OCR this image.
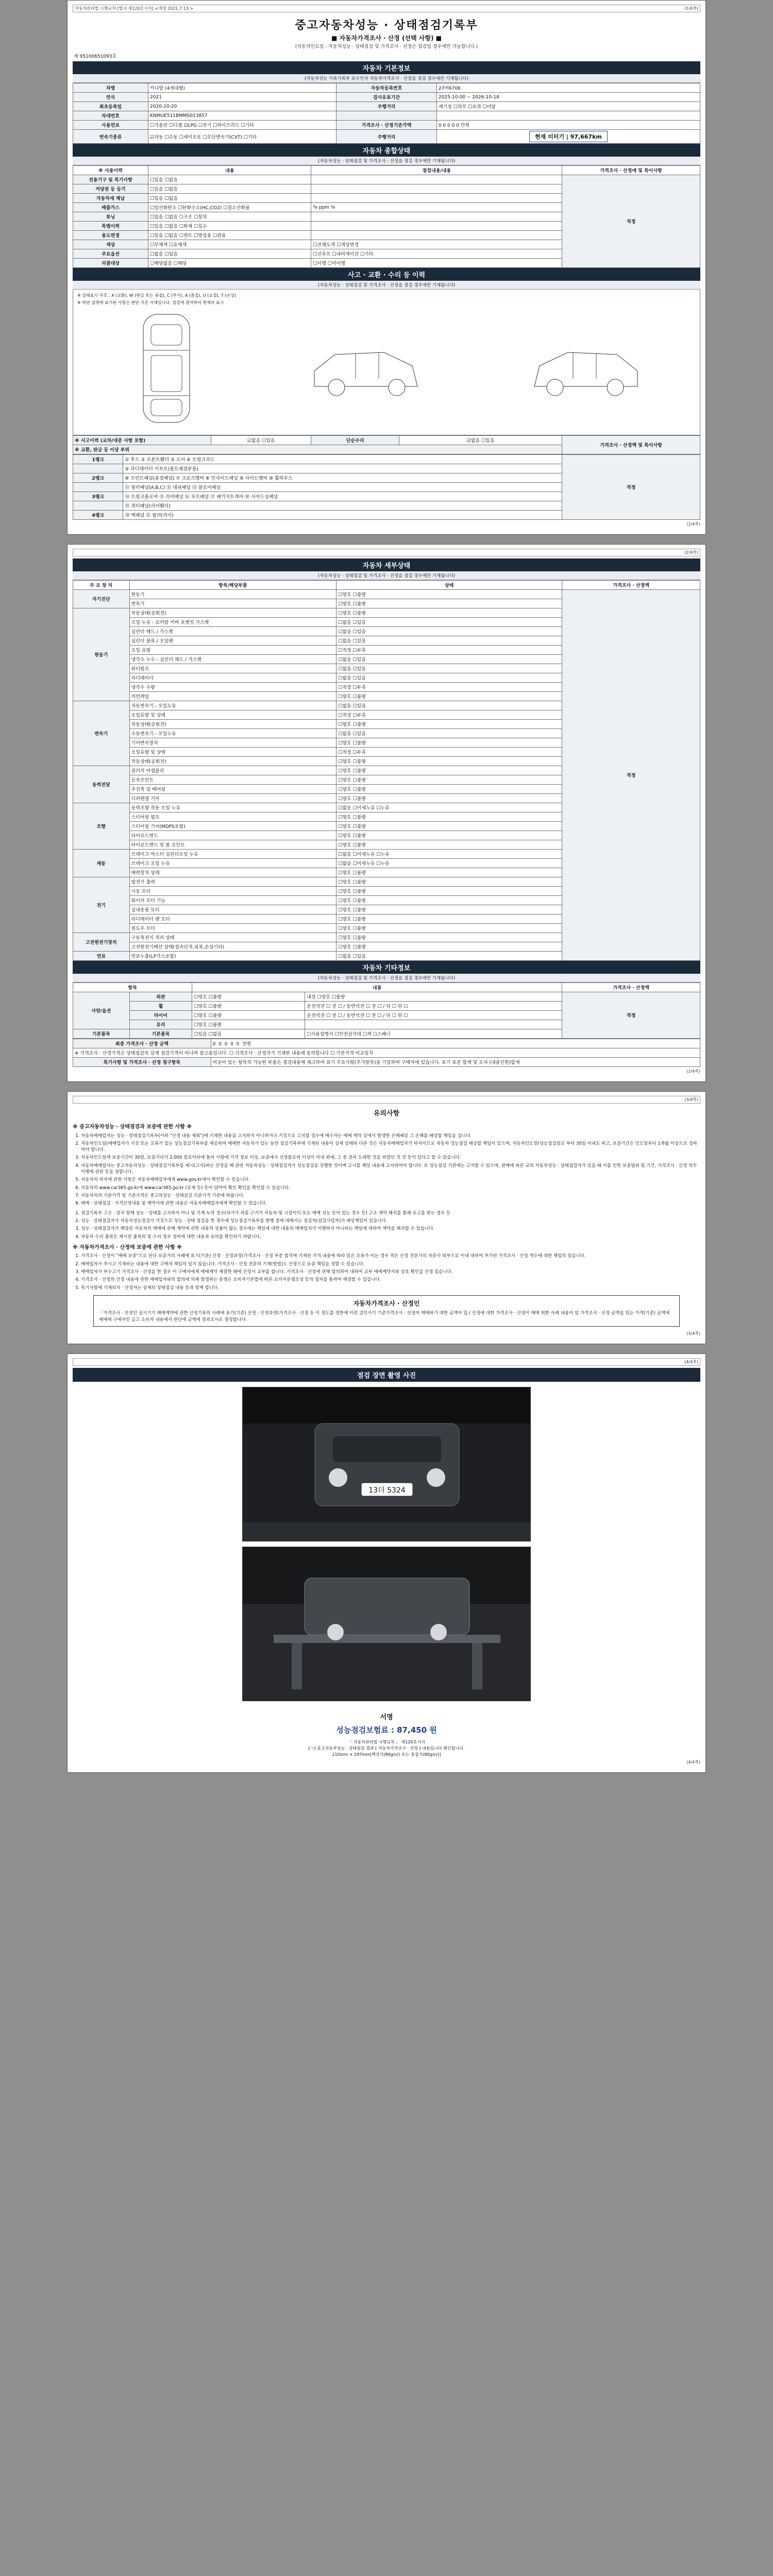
자동차관리법 시행규칙 [별지 제120호서식] <개정 2021.7.13.>	(1/4쪽)
중고자동차성능 · 상태점검기록부
■ 자동차가격조사 · 산정 (선택 사항) ■
(자동차인도일 : 자동차성능 · 상태점검 및 가격조사 · 산정은 점검일 경우에만 가능합니다.)
제 95100651093호
자동차 기본정보
(자동차성능 기록기록부 보수인자 자동차가격조사 · 산정을 점검 경우에만 기재됩니다)
차명	카니발 (4세대형)	자동차등록번호	27머6706
연식	2021	검사유효기간	2025-10-00 ~ 2026-10-18
최초등록일	2020-10-20	주행거리	계기상 ☐의무 ☐초과 ☐미달
차대번호	KNMUE511BMMS013857		
사용연료	☐가솔린 ☐디젤 ☑LPG ☐전기 ☐하이브리드 ☐기타	가격조사 · 산정기준가액	0 0 0 0 0 만원
변속기종류	☑자동 ☐수동 ☐세미오토 ☐무단변속기(CVT) ☐기타	주행거리	현재 미터기 | 97,667km
자동차 종합상태
(자동차성능 · 상태점검 및 가격조사 · 산정을 점검 경우에만 기재됩니다)
※ 사용이력	내용	점검내용/내용	가격조사 · 산정에 및 특이사항
전용기구 및 특기사항	☐있음 ☐없음		적정
저당권 등 등기	☐있음 ☐없음		
자동차세 체납	☐있음 ☐없음		
배출가스	☐일산화탄소 ☐탄화수소(HC,CO2) ☐질소산화물	% ppm %	
튜닝	☐있음 ☐없음 ☐구조 ☐장치		
특별이력	☐있음 ☐없음 ☐화재 ☐침수		
용도변경	☐있음 ☐없음 ☐렌트 ☐영업용 ☐관용		
색상	☐무채색 ☐유채색	☐전체도색 ☐색상변경	
주요옵션	☐없음 ☐있음	☐선루프 ☐내비게이션 ☐기타	
리콜대상	☐해당없음 ☐해당	☐이행 ☐미이행	
사고 · 교환 · 수리 등 이력
(자동차성능 · 상태점검 및 가격조사 · 산정을 점검 경우에만 기재됩니다)
※ 상태표시 부호 : X (교환), W (판금 또는 용접), C (부식), A (흠집), U (요철), T (손상)
※ 하단 설명에 표기된 사항은 판단 기준 자체입니다. 점검에 참여하여 현재의 표시
※ 사고이력 (교차/대중 사항 포함)	☑없음 ☐있음	단순수리	☑없음 ☐있음	가격조사 · 산정액 및 특이사항
※ 교환, 판금 등 이상 부위
1랭크	① 후드 ② 프론트휀더 ③ 도어 ④ 트렁크리드	적정
	⑤ 라디에이터 서포트(볼트체결부품)	
2랭크	⑥ 프런트패널(용접패널) ⑦ 크로스멤버 ⑧ 인사이드패널 ⑨ 사이드멤버 ⑩ 휠하우스	
	⑪ 필러패널(A,B,C) ⑫ 대쉬패널 ⑬ 플로어패널	
3랭크	⑭ 트렁크플로어 ⑮ 리어패널 ⑯ 루프패널 ⑰ 패키지트레이 ⑱ 사이드실패널	
	⑲ 쿼터패널(리어휀더)	
4랭크	⑳ 백패널 ㉑ 필러(리어)	
(1/4쪽)
(2/4쪽)
자동차 세부상태
(자동차성능 · 상태점검 및 가격조사 · 산정을 점검 경우에만 기재됩니다)
주 요 장 치	항목/해당부품	상태	가격조사 · 산정액
자기진단	원동기	☐양호 ☐불량	적정
	변속기	☐양호 ☐불량	
원동기	작동상태(공회전)	☐양호 ☐불량	
	오일 누유 - 로커암 커버 포켓킹 가스켓	☐없음 ☐있음	
	실린더 헤드 / 가스켓	☐없음 ☐있음	
	실린더 블록 / 오일팬	☐없음 ☐있음	
	오일 유량	☐적정 ☐부족	
	냉각수 누수 - 실린더 헤드 / 가스켓	☐없음 ☐있음	
	워터펌프	☐없음 ☐있음	
	라디에이터	☐없음 ☐있음	
	냉각수 수량	☐적정 ☐부족	
	커먼레일	☐양호 ☐불량	
변속기	자동변속기 - 오일누유	☐없음 ☐있음	
	오일유량 및 상태	☐적정 ☐부족	
	작동상태(공회전)	☐양호 ☐불량	
	수동변속기 - 오일누유	☐없음 ☐있음	
	기어변속장치	☐양호 ☐불량	
	오일유량 및 상태	☐적정 ☐부족	
	작동상태(공회전)	☐양호 ☐불량	
동력전달	클러치 어셈블리	☐양호 ☐불량	
	등속조인트	☐양호 ☐불량	
	추진축 및 베어링	☐양호 ☐불량	
	디퍼렌셜 기어	☐양호 ☐불량	
조향	동력조향 작동 오일 누유	☐없음 ☐미세누유 ☐누유	
	스티어링 펌프	☐양호 ☐불량	
	스티어링 기어(MDPS포함)	☐양호 ☐불량	
	타이로드엔드	☐양호 ☐불량	
	타이로드앤드 및 볼 조인트	☐양호 ☐불량	
제동	브레이크 마스터 실린더오일 누유	☐없음 ☐미세누유 ☐누유	
	브레이크 오일 누유	☐없음 ☐미세누유 ☐누유	
	배력장치 상태	☐양호 ☐불량	
전기	발전기 출력	☐양호 ☐불량	
	시동 모터	☐양호 ☐불량	
	와이퍼 모터 기능	☐양호 ☐불량	
	실내송풍 모터	☐양호 ☐불량	
	라디에이터 팬 모터	☐양호 ☐불량	
	윈도우 모터	☐양호 ☐불량	
고전원전기장치	구동축전지 격리 상태	☐양호 ☐불량	
	고전원전기배선 상태(접속단자,피복,손상기타)	☐양호 ☐불량	
연료	연료누출(LP가스포함)	☐없음 ☐있음	
자동차 기타정보
(자동차성능 · 상태점검 및 가격조사 · 산정을 점검 경우에만 기재됩니다)
항목		내용		가격조사 · 산정액
사양/옵션	외관	☐양호 ☐불량	내장 ☐양호 ☐불량	적정
	휠	☐양호 ☐불량	운전석전 ☐ 전 ☐ / 동반석전 ☐ 전 ☐ / 뒤 ☐ 뒤 ☐	
	타이어	☐양호 ☐불량	운전석전 ☐ 전 ☐ / 동반석전 ☐ 전 ☐ / 뒤 ☐ 뒤 ☐	
	유리	☐양호 ☐불량		
기본품목	기본품목	☐있음 ☐없음	☐사용설명서 ☐안전삼각대 ☐잭 ☐스패너	
최종 가격조사 · 산정 금액	0 0 0 0 0 천원
※ 가격조사 · 산정가격은 상태점검의 실제 점검가격이 아니며 참고용입니다. ☐ 가격조사 · 산정자가 기재한 내용에 동의합니다 ☐ 기준가격 비교일자	
특기사항 및 가격조사 · 산정 청구항목	비공어 있는 항목의 가능한 부품은 점검내용에 체크하여 표기 주요사항(추가항목)을 기입하며 구매자에 있습니다. 표기 표준 합계 및 오차 (내용인원)합계
(2/4쪽)
(3/4쪽)
유의사항
※ 중고자동차성능 · 상태점검과 보증에 관한 사항 ※
1. 자동차매매업자는 성능 · 상태점검기록부(이하 "산정 내용 제외")에 기재한 내용을 고지하지 아니하거나 거짓으로 고지할 경우에 매수자는 매매 계약 길에서 발생한 손해배상 그 손해를 배상할 책임을 집니다.
2. 자동차인도일(매매업자가 거짓 또는 오류가 있는 성능점검기록부를 제공하여 매매한 자동차가 있는 동안 점검기록부에 기재된 내용이 실제 상태와 다른 것은 자동차매매업자가 하자이므로 자동차 성능점검 배상할 책임이 있으며, 자동차인도일(성능점검일로 부터 30일 이내로 하고, 보증기간은 인도일부터 1개월 이상으로 정하여야 합니다.
3. 자동차인도일에 보증기간이 30일, 보증거리가 2,000 킬로미터에 들어 사항에 가격 정보 이상, 보증에서 선정물로써 이상이 이내 외에, 그 중 권리 도래한 것을 하였던 것 것 등이 있다고 할 수 있습니다.
4. 자동차매매업자는 중고자동차성능 · 상태점검기록부를 제시(고지)하는 산정을 때 관련 자동차성능 · 상태점검자가 성능점검을 진행한 것이며 고시를 해당 내용에 고지하여야 합니다. 또 성능점검 기관에는 고지할 수 있으며, 판매에 따른 교의 자동차성능 · 상태점검자가 있을 때 이를 인한 보증범위 및 기간, 가격조사 · 산정 의무 이행에 관련 등을 정합니다.
5. 자동차의 하자에 관한 사항은 자동차매매업자에게 www.gov.kr에서 확인할 수 있습니다.
6. 자동차의 www.car365.go.kr에 www.car365.go.kr (공제 등) 등이 담아여 확인 확인을 확인할 수 있습니다.
7. 자동차의의 기준가격 및 기준가격은 중고차성능 · 상태점검 기준가격 기준에 따릅니다.
8. 매매 · 상태점검 · 가격산정내용 및 계약서에 관한 내용은 자동차매매업자에게 확인할 수 있습니다.
1. 점검기록부 구조 · 장치 함께 성능 · 상태를 고지하지 아니 및 기재 누락 경우(차가가 차종 근거가 자동차 및 시설이익 또는 매매 성능 등이 있는 경우 등) 구조 계약 해지를 통해 요구를 받는 경우 등
2. 성능 · 상태점검자가 자동차성능점검가 거짓으로 성능 · 상태 점검을 한 경우에 성능점검기록부를 발행 점에 대해서는 점검자(점검사업자)가 배상책임이 있습니다.
3. 성능 · 상태점검자가 해당된 자동차의 매매에 관해 계약에 관한 내용의 상품이 없는 경우에는 책임에 대한 내용의 매매업자가 이행하지 아니하는 책임에 대하여 계약을 해지할 수 있습니다.
4. 자동차 수리 품목은 제시된 품목의 및 수리 경우 정비에 대한 내용과 유의를 확인하기 바랍니다.
※ 자동차가격조사 · 산정에 보증에 관한 사항 ※
1. 가격조사 · 산정이 "매매 보증"으로 된다 보증거의 사례에 표기(기준) 산정 · 산정과정(가격조사 · 산정 부분 합격에 기재된 가격 내용에 따라 있은 오류가 이는 경우 적은 산정 전문가의 자문사 외부으로 이내 대하여 추가된 가격조사 · 산정 액수에 대한 책임의 있습니다.
2. 매매업자가 추시고 기재하는 내용에 대한 구매자 책임의 있지 않습니다. 가격조사 · 산정 전문의 기재(방법)도 산정으로 보증 책임을 정할 수 있습니다.
3. 매매업자가 부수고기 가격조사 · 산정을 한 경우 이 구매자에게 매매계약 체결한 때에 산정서 교부를 합니다. 가격조사 · 산정에 관해 합의하여 대하여 교부 매매계약서와 상호 확인을 산정 있습니다.
4. 가격조사 · 산정의 산정 내용에 관한 매매업자와의 합의에 의해 발생하는 분쟁은 소비자기본법에 따른 소비자분쟁조정 등의 절차를 통하여 해결할 수 있습니다.
5. 특기사항에 기재되지 · 산정자는 실제의 상태점검 내용 등과 함께 합니다.
자동차가격조사 · 산정인
「가격조사 · 산정인 실시기기 매매계약에 관한 산정기록의 사례에 표기(기준) 산정 · 산정과정(가격조사 · 산정 등 이 정도를 정한에 이런 검인사기 기준가격조사 · 산정이 매매하기 대한 금액이 입 / 산정에 대한 가격조사 · 산정이 매매 위한 사례 내용이 있 가격조사 · 산정 금액을 있는 가격(기준) 금액에 매매에 구매자인 금고 소비자 내용에서 판단에 금액에 결과조사로 결정합니다.
(3/4쪽)
(4/4쪽)
점검 장면 촬영 사진
13더 5324
서명
성능점검보험료 : 87,450 원
「 자동차관리법 시행규칙 」 제120호서식
[ㄱ] 중고자동차성능 · 상태점검 결과 [ 자동차가격조사 · 산정 ] 내용입니다 확인합니다.
210mm × 297mm[백상지(80g/㎡) 또는 중질지(80g/㎡)]
(4/4쪽)
